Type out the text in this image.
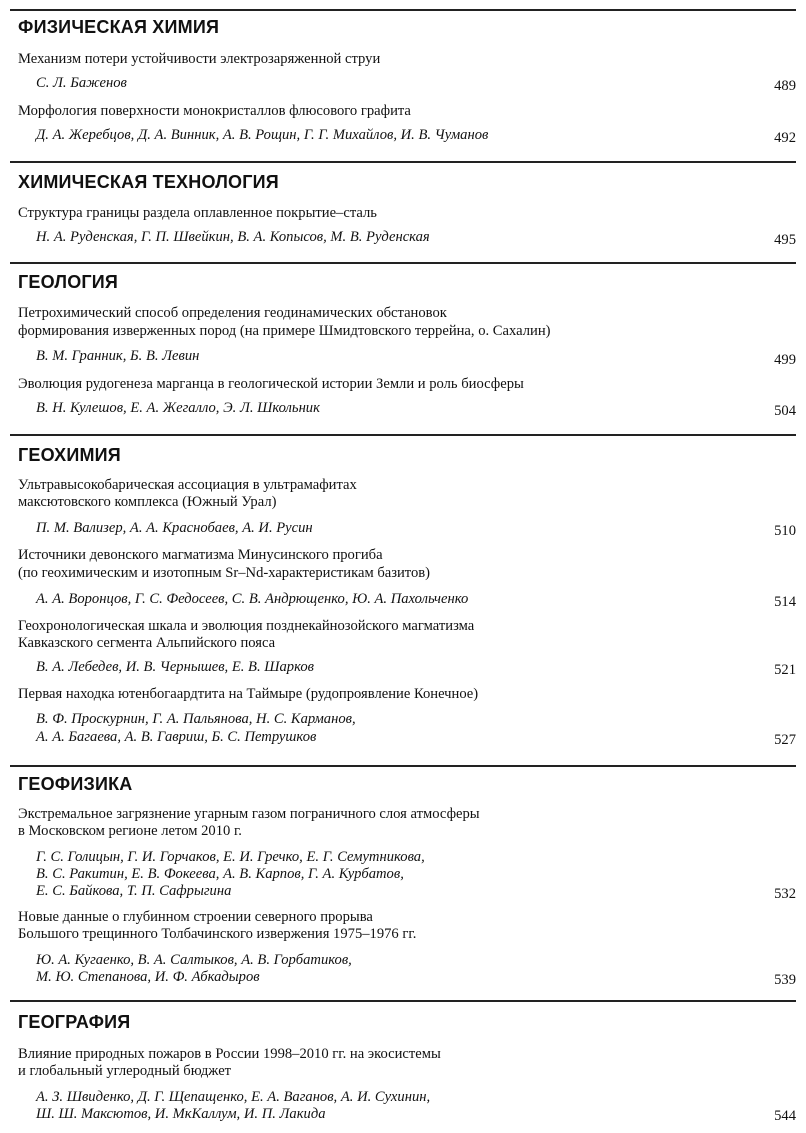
ФИЗИЧЕСКАЯ ХИМИЯ
Механизм потери устойчивости электрозаряженной струи
С. Л. Баженов	489
Морфология поверхности монокристаллов флюсового графита
Д. А. Жеребцов, Д. А. Винник, А. В. Рощин, Г. Г. Михайлов, И. В. Чуманов	492
ХИМИЧЕСКАЯ ТЕХНОЛОГИЯ
Структура границы раздела оплавленное покрытие–сталь
Н. А. Руденская, Г. П. Швейкин, В. А. Копысов, М. В. Руденская	495
ГЕОЛОГИЯ
Петрохимический способ определения геодинамических обстановок
формирования изверженных пород (на примере Шмидтовского террейна, о. Сахалин)
В. М. Гранник, Б. В. Левин	499
Эволюция рудогенеза марганца в геологической истории Земли и роль биосферы
В. Н. Кулешов, Е. А. Жегалло, Э. Л. Школьник	504
ГЕОХИМИЯ
Ультравысокобарическая ассоциация в ультрамафитах
максютовского комплекса (Южный Урал)
П. М. Вализер, А. А. Краснобаев, А. И. Русин	510
Источники девонского магматизма Минусинского прогиба
(по геохимическим и изотопным Sr–Nd-характеристикам базитов)
А. А. Воронцов, Г. С. Федосеев, С. В. Андрющенко, Ю. А. Пахольченко	514
Геохронологическая шкала и эволюция позднекайнозойского магматизма
Кавказского сегмента Альпийского пояса
В. А. Лебедев, И. В. Чернышев, Е. В. Шарков	521
Первая находка ютенбогаардтита на Таймыре (рудопроявление Конечное)
В. Ф. Проскурнин, Г. А. Пальянова, Н. С. Карманов,
А. А. Багаева, А. В. Гавриш, Б. С. Петрушков	527
ГЕОФИЗИКА
Экстремальное загрязнение угарным газом пограничного слоя атмосферы
в Московском регионе летом 2010 г.
Г. С. Голицын, Г. И. Горчаков, Е. И. Гречко, Е. Г. Семутникова,
В. С. Ракитин, Е. В. Фокеева, А. В. Карпов, Г. А. Курбатов,
Е. С. Байкова, Т. П. Сафрыгина	532
Новые данные о глубинном строении северного прорыва
Большого трещинного Толбачинского извержения 1975–1976 гг.
Ю. А. Кугаенко, В. А. Салтыков, А. В. Горбатиков,
М. Ю. Степанова, И. Ф. Абкадыров	539
ГЕОГРАФИЯ
Влияние природных пожаров в России 1998–2010 гг. на экосистемы
и глобальный углеродный бюджет
А. З. Швиденко, Д. Г. Щепащенко, Е. А. Ваганов, А. И. Сухинин,
Ш. Ш. Максютов, И. МкКаллум, И. П. Лакида	544
